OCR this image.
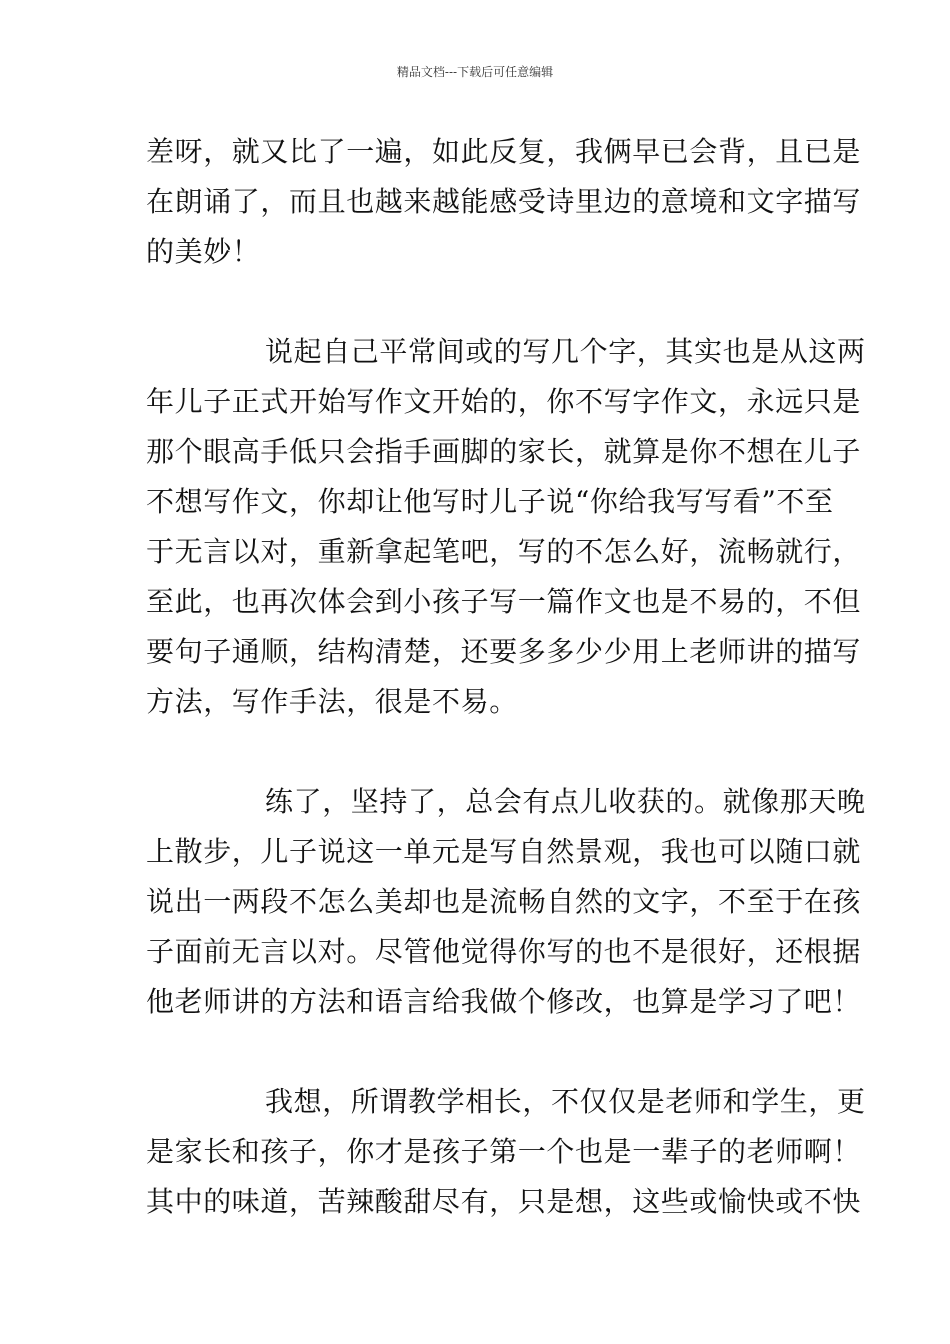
精品文档---下载后可任意编辑
差呀，就又比了一遍，如此反复，我俩早已会背，且已是
在朗诵了，而且也越来越能感受诗里边的意境和文字描写
的美妙！
说起自己平常间或的写几个字，其实也是从这两
年儿子正式开始写作文开始的，你不写字作文，永远只是
那个眼高手低只会指手画脚的家长，就算是你不想在儿子
不想写作文，你却让他写时儿子说“你给我写写看”不至
于无言以对，重新拿起笔吧，写的不怎么好，流畅就行，
至此，也再次体会到小孩子写一篇作文也是不易的，不但
要句子通顺，结构清楚，还要多多少少用上老师讲的描写
方法，写作手法，很是不易。
练了，坚持了，总会有点儿收获的。就像那天晚
上散步，儿子说这一单元是写自然景观，我也可以随口就
说出一两段不怎么美却也是流畅自然的文字，不至于在孩
子面前无言以对。尽管他觉得你写的也不是很好，还根据
他老师讲的方法和语言给我做个修改，也算是学习了吧！
我想，所谓教学相长，不仅仅是老师和学生，更
是家长和孩子，你才是孩子第一个也是一辈子的老师啊！
其中的味道，苦辣酸甜尽有，只是想，这些或愉快或不快
